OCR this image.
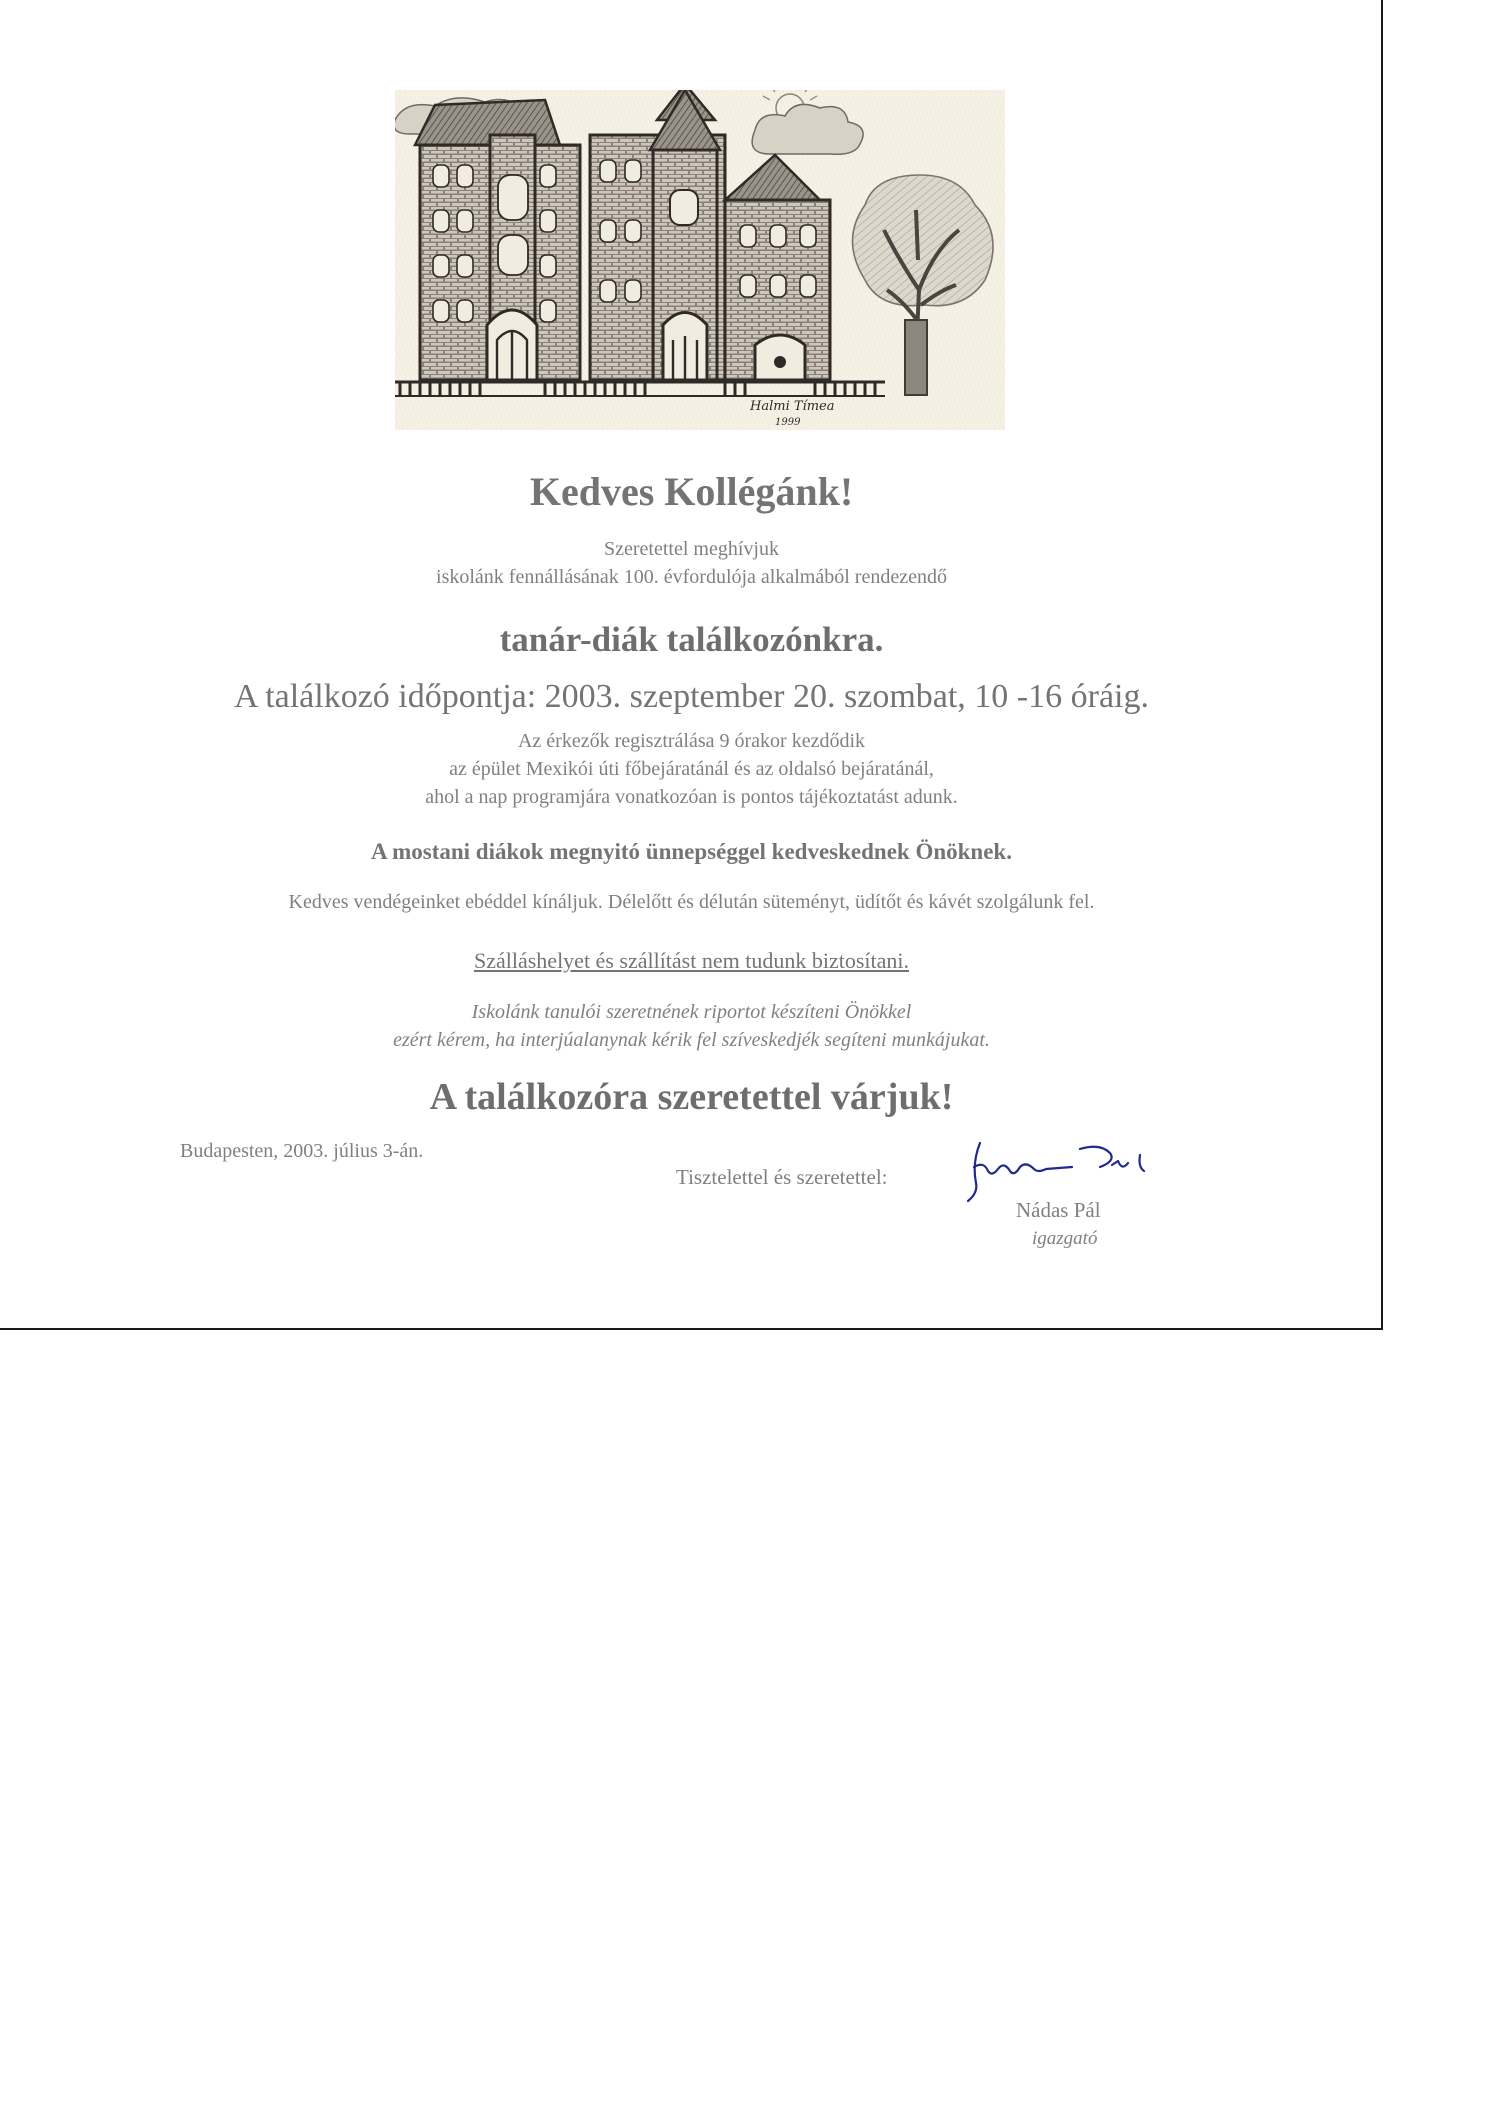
Halmi Tímea
1999
Kedves Kollégánk!
Szeretettel meghívjuk
iskolánk fennállásának 100. évfordulója alkalmából rendezendő
tanár-diák találkozónkra.
A találkozó időpontja: 2003. szeptember 20. szombat, 10 -16 óráig.
Az érkezők regisztrálása 9 órakor kezdődik
az épület Mexikói úti főbejáratánál és az oldalsó bejáratánál,
ahol a nap programjára vonatkozóan is pontos tájékoztatást adunk.
A mostani diákok megnyitó ünnepséggel kedveskednek Önöknek.
Kedves vendégeinket ebéddel kínáljuk. Délelőtt és délután süteményt, üdítőt és kávét szolgálunk fel.
Szálláshelyet és szállítást nem tudunk biztosítani.
Iskolánk tanulói szeretnének riportot készíteni Önökkel
ezért kérem, ha interjúalanynak kérik fel szíveskedjék segíteni munkájukat.
A találkozóra szeretettel várjuk!
Budapesten, 2003. július 3-án.
Tisztelettel és szeretettel:
Nádas Pál
Nádas Pál
igazgató
